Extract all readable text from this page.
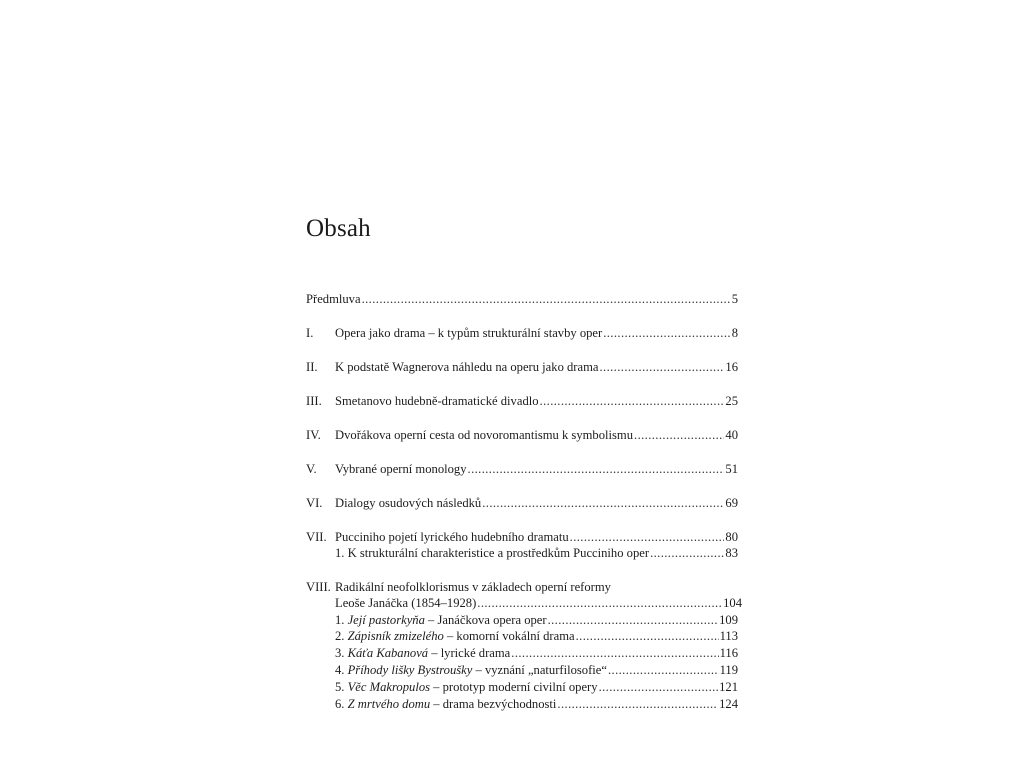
Obsah
Předmluva .....	5
I.	Opera jako drama – k typům strukturální stavby oper .....	8
II.	K podstatě Wagnerova náhledu na operu jako drama .....	16
III.	Smetanovo hudebně-dramatické divadlo .....	25
IV.	Dvořákova operní cesta od novoromantismu k symbolismu .....	40
V.	Vybrané operní monology .....	51
VI. Dialogy osudových následků .....	69
VII. Pucciniho pojetí lyrického hudebního dramatu .....	80
1. K strukturální charakteristice a prostředkům Pucciniho oper .....	83
VIII. Radikální neofolklorismus v základech operní reformy
Leoše Janáčka (1854–1928) .....	104
1. Její pastorkyňa – Janáčkova opera oper .....	109
2. Zápisník zmizelého – komorní vokální drama .....	113
3. Káťa Kabanová – lyrické drama .....	116
4. Příhody lišky Bystroušky – vyznání „naturfilosofie“ .....	119
5. Věc Makropulos – prototyp moderní civilní opery .....	121
6. Z mrtvého domu – drama bezvýchodnosti .....	124
